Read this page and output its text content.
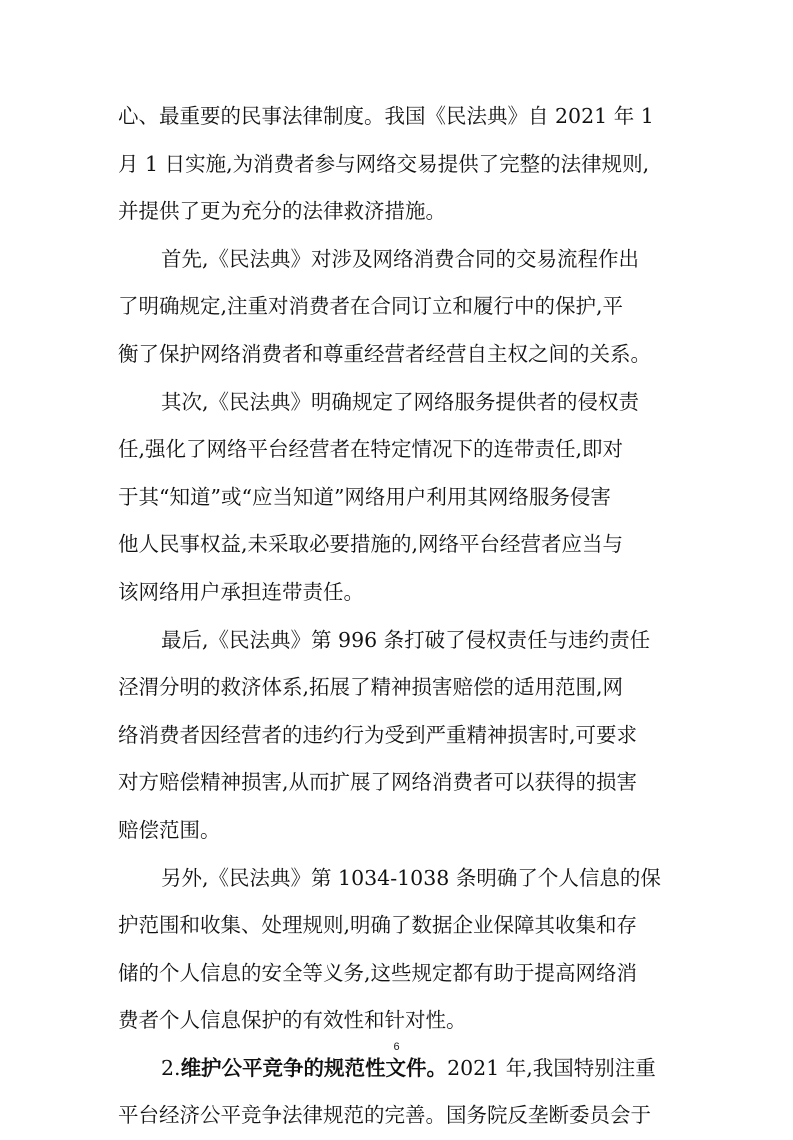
心、最重要的民事法律制度。我国《民法典》自 2021 年 1
月 1 日实施,为消费者参与网络交易提供了完整的法律规则,
并提供了更为充分的法律救济措施。
首先,《民法典》对涉及网络消费合同的交易流程作出
了明确规定,注重对消费者在合同订立和履行中的保护,平
衡了保护网络消费者和尊重经营者经营自主权之间的关系。
其次,《民法典》明确规定了网络服务提供者的侵权责
任,强化了网络平台经营者在特定情况下的连带责任,即对
于其“知道”或“应当知道”网络用户利用其网络服务侵害
他人民事权益,未采取必要措施的,网络平台经营者应当与
该网络用户承担连带责任。
最后,《民法典》第 996 条打破了侵权责任与违约责任
泾渭分明的救济体系,拓展了精神损害赔偿的适用范围,网
络消费者因经营者的违约行为受到严重精神损害时,可要求
对方赔偿精神损害,从而扩展了网络消费者可以获得的损害
赔偿范围。
另外,《民法典》第 1034-1038 条明确了个人信息的保
护范围和收集、处理规则,明确了数据企业保障其收集和存
储的个人信息的安全等义务,这些规定都有助于提高网络消
费者个人信息保护的有效性和针对性。
2.维护公平竞争的规范性文件。2021 年,我国特别注重
平台经济公平竞争法律规范的完善。国务院反垄断委员会于
6
